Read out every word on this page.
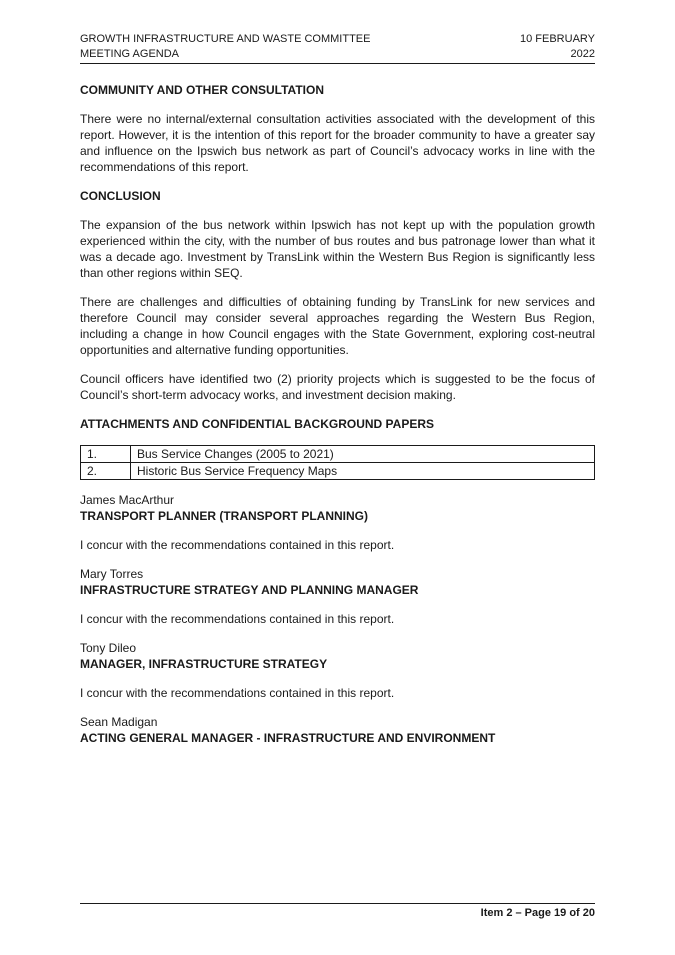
GROWTH INFRASTRUCTURE AND WASTE COMMITTEE
MEETING AGENDA
10 FEBRUARY
2022
COMMUNITY AND OTHER CONSULTATION
There were no internal/external consultation activities associated with the development of this report. However, it is the intention of this report for the broader community to have a greater say and influence on the Ipswich bus network as part of Council’s advocacy works in line with the recommendations of this report.
CONCLUSION
The expansion of the bus network within Ipswich has not kept up with the population growth experienced within the city, with the number of bus routes and bus patronage lower than what it was a decade ago. Investment by TransLink within the Western Bus Region is significantly less than other regions within SEQ.
There are challenges and difficulties of obtaining funding by TransLink for new services and therefore Council may consider several approaches regarding the Western Bus Region, including a change in how Council engages with the State Government, exploring cost-neutral opportunities and alternative funding opportunities.
Council officers have identified two (2) priority projects which is suggested to be the focus of Council’s short-term advocacy works, and investment decision making.
ATTACHMENTS AND CONFIDENTIAL BACKGROUND PAPERS
1.	Bus Service Changes (2005 to 2021)
2.	Historic Bus Service Frequency Maps
James MacArthur
TRANSPORT PLANNER (TRANSPORT PLANNING)
I concur with the recommendations contained in this report.
Mary Torres
INFRASTRUCTURE STRATEGY AND PLANNING MANAGER
I concur with the recommendations contained in this report.
Tony Dileo
MANAGER, INFRASTRUCTURE STRATEGY
I concur with the recommendations contained in this report.
Sean Madigan
ACTING GENERAL MANAGER - INFRASTRUCTURE AND ENVIRONMENT
Item 2 – Page 19 of 20
